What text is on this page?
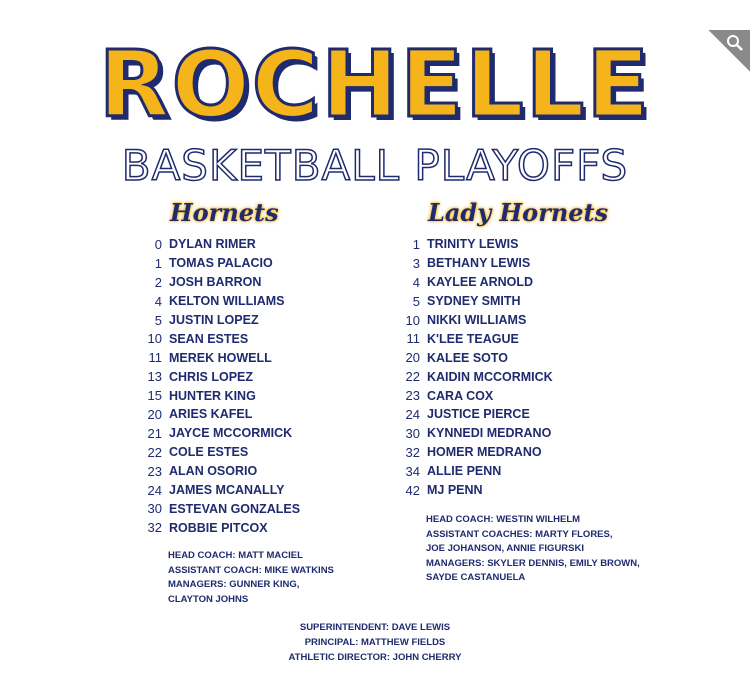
ROCHELLE
BASKETBALL PLAYOFFS
Hornets	Lady Hornets
0 DYLAN RIMER
1 TOMAS PALACIO
2 JOSH BARRON
4 KELTON WILLIAMS
5 JUSTIN LOPEZ
10 SEAN ESTES
11 MEREK HOWELL
13 CHRIS LOPEZ
15 HUNTER KING
20 ARIES KAFEL
21 JAYCE MCCORMICK
22 COLE ESTES
23 ALAN OSORIO
24 JAMES MCANALLY
30 ESTEVAN GONZALES
32 ROBBIE PITCOX
1 TRINITY LEWIS
3 BETHANY LEWIS
4 KAYLEE ARNOLD
5 SYDNEY SMITH
10 NIKKI WILLIAMS
11 K'LEE TEAGUE
20 KALEE SOTO
22 KAIDIN MCCORMICK
23 CARA COX
24 JUSTICE PIERCE
30 KYNNEDI MEDRANO
32 HOMER MEDRANO
34 ALLIE PENN
42 MJ PENN
HEAD COACH: MATT MACIEL
ASSISTANT COACH: MIKE WATKINS
MANAGERS: GUNNER KING,
CLAYTON JOHNS
HEAD COACH: WESTIN WILHELM
ASSISTANT COACHES: MARTY FLORES,
JOE JOHANSON, ANNIE FIGURSKI
MANAGERS: SKYLER DENNIS, EMILY BROWN,
SAYDE CASTANUELA
SUPERINTENDENT: DAVE LEWIS
PRINCIPAL: MATTHEW FIELDS
ATHLETIC DIRECTOR: JOHN CHERRY
